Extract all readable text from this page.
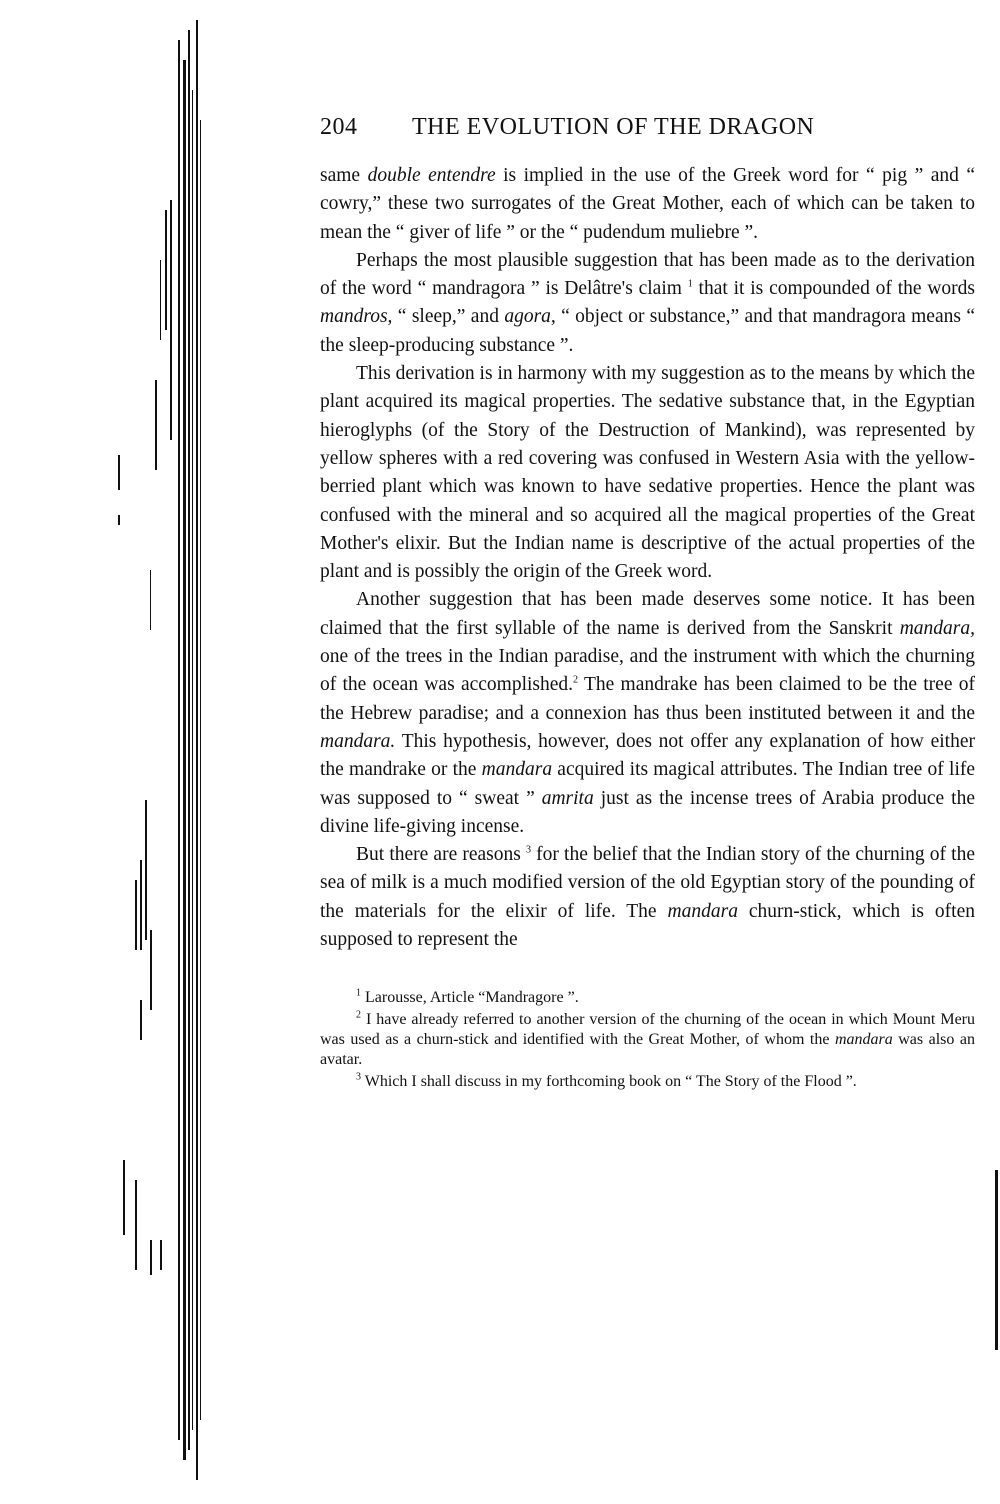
204 THE EVOLUTION OF THE DRAGON

same double entendre is implied in the use of the Greek word for “ pig ” and “ cowry,” these two surrogates of the Great Mother, each of which can be taken to mean the “ giver of life ” or the “ pudendum muliebre ”.

Perhaps the most plausible suggestion that has been made as to the derivation of the word “ mandragora ” is Delâtre's claim $^1$ that it is compounded of the words mandros, “ sleep,” and agora, “ object or substance,” and that mandragora means “ the sleep-producing substance ”.

This derivation is in harmony with my suggestion as to the means by which the plant acquired its magical properties. The sedative substance that, in the Egyptian hieroglyphs (of the Story of the Destruction of Mankind), was represented by yellow spheres with a red covering was confused in Western Asia with the yellow-berried plant which was known to have sedative properties. Hence the plant was confused with the mineral and so acquired all the magical properties of the Great Mother's elixir. But the Indian name is descriptive of the actual properties of the plant and is possibly the origin of the Greek word.

Another suggestion that has been made deserves some notice. It has been claimed that the first syllable of the name is derived from the Sanskrit mandara, one of the trees in the Indian paradise, and the instrument with which the churning of the ocean was accomplished.$^2$ The mandrake has been claimed to be the tree of the Hebrew paradise; and a connexion has thus been instituted between it and the mandara. This hypothesis, however, does not offer any explanation of how either the mandrake or the mandara acquired its magical attributes. The Indian tree of life was supposed to “ sweat ” amrita just as the incense trees of Arabia produce the divine life-giving incense.

But there are reasons $^3$ for the belief that the Indian story of the churning of the sea of milk is a much modified version of the old Egyptian story of the pounding of the materials for the elixir of life. The mandara churn-stick, which is often supposed to represent the

$^1$ Larousse, Article “Mandragore ”.

$^2$ I have already referred to another version of the churning of the ocean in which Mount Meru was used as a churn-stick and identified with the Great Mother, of whom the mandara was also an avatar.

$^3$ Which I shall discuss in my forthcoming book on “ The Story of the Flood ”.
